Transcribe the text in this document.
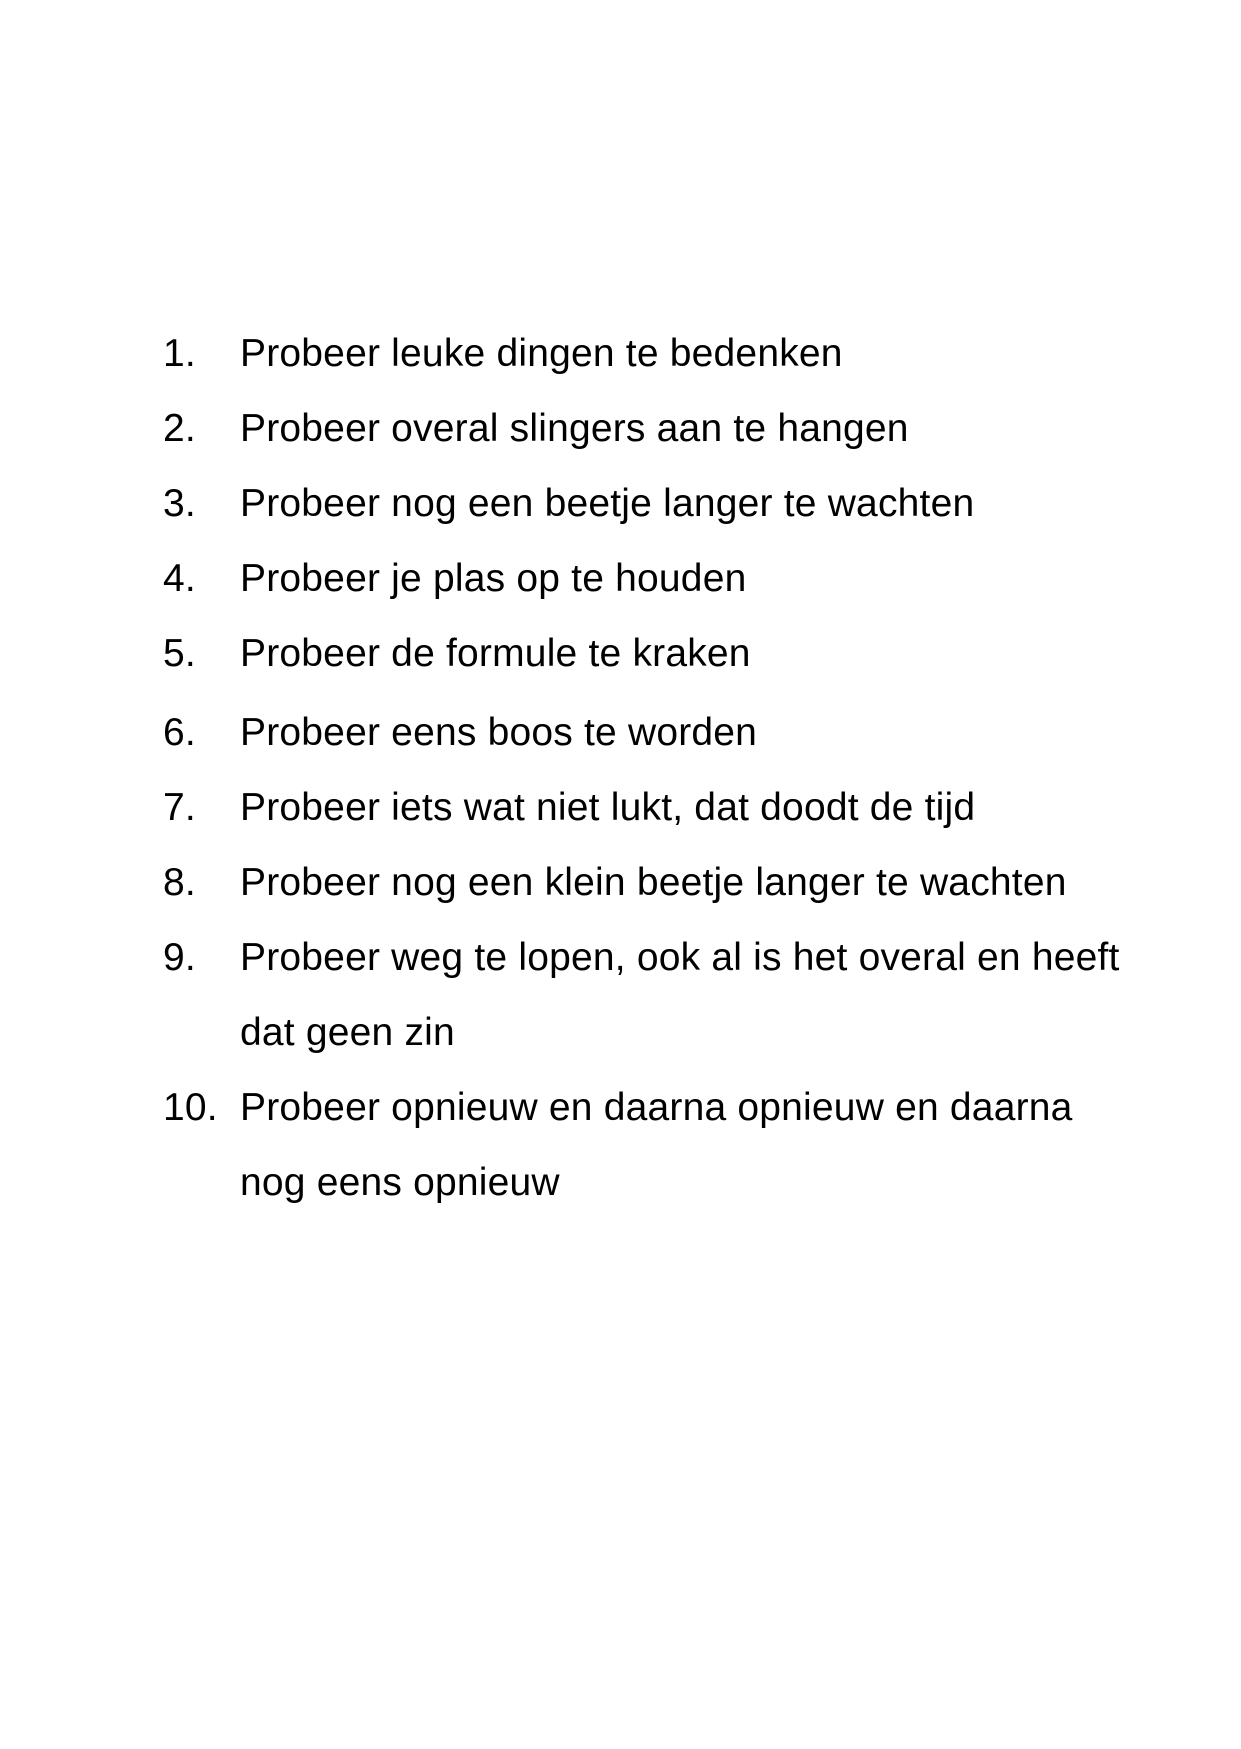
1.	Probeer leuke dingen te bedenken
2.	Probeer overal slingers aan te hangen
3.	Probeer nog een beetje langer te wachten
4.	Probeer je plas op te houden
5.	Probeer de formule te kraken
6.	Probeer eens boos te worden
7.	Probeer iets wat niet lukt, dat doodt de tijd
8.	Probeer nog een klein beetje langer te wachten
9.	Probeer weg te lopen, ook al is het overal en heeft dat geen zin
10. Probeer opnieuw en daarna opnieuw en daarna nog eens opnieuw
